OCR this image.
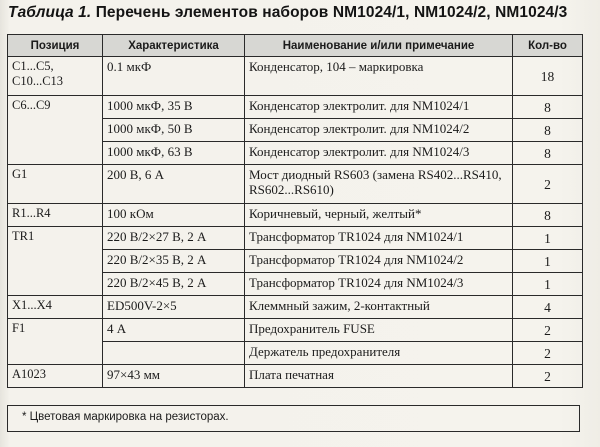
Таблица 1. Перечень элементов наборов NM1024/1, NM1024/2, NM1024/3
Позиция	Характеристика	Наименование и/или примечание	Кол-во
C1...C5, C10...C13	0.1 мкФ	Конденсатор, 104 – маркировка	18
C6...C9	1000 мкФ, 35 В	Конденсатор электролит. для NM1024/1	8
	1000 мкФ, 50 В	Конденсатор электролит. для NM1024/2	8
	1000 мкФ, 63 В	Конденсатор электролит. для NM1024/3	8
G1	200 В, 6 А	Мост диодный RS603 (замена RS402...RS410, RS602...RS610)	2
R1...R4	100 кОм	Коричневый, черный, желтый*	8
TR1	220 В/2×27 В, 2 А	Трансформатор TR1024 для NM1024/1	1
	220 В/2×35 В, 2 А	Трансформатор TR1024 для NM1024/2	1
	220 В/2×45 В, 2 А	Трансформатор TR1024 для NM1024/3	1
X1...X4	ED500V-2×5	Клеммный зажим, 2-контактный	4
F1	4 А	Предохранитель FUSE	2
		Держатель предохранителя	2
A1023	97×43 мм	Плата печатная	2
* Цветовая маркировка на резисторах.
